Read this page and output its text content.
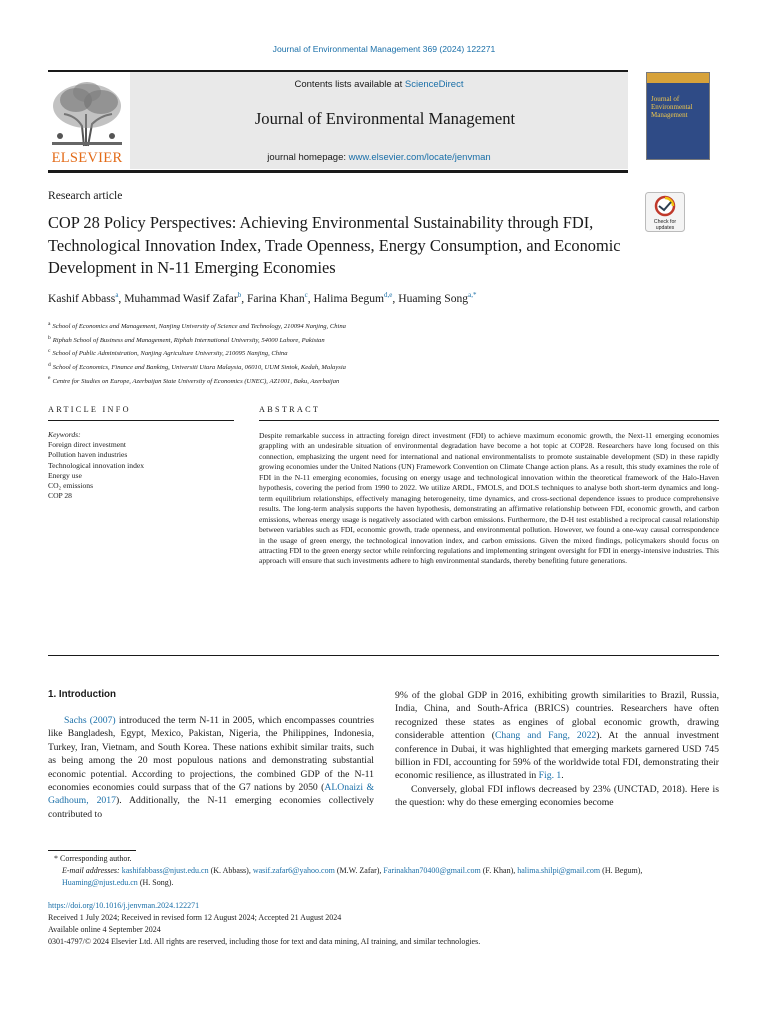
Journal of Environmental Management 369 (2024) 122271
Contents lists available at ScienceDirect
Journal of Environmental Management
journal homepage: www.elsevier.com/locate/jenvman
ELSEVIER
Journal of
Environmental
Management
Research article
COP 28 Policy Perspectives: Achieving Environmental Sustainability through FDI, Technological Innovation Index, Trade Openness, Energy Consumption, and Economic Development in N-11 Emerging Economies
Check for
updates
Kashif Abbass$^a$, Muhammad Wasif Zafar$^b$, Farina Khan$^c$, Halima Begum$^{d,e}$, Huaming Song$^{a,*}$
$^a$ School of Economics and Management, Nanjing University of Science and Technology, 210094 Nanjing, China
$^b$ Riphah School of Business and Management, Riphah International University, 54000 Lahore, Pakistan
$^c$ School of Public Administration, Nanjing Agriculture University, 210095 Nanjing, China
$^d$ School of Economics, Finance and Banking, Universiti Utara Malaysia, 06010, UUM Sintok, Kedah, Malaysia
$^e$ Centre for Studies on Europe, Azerbaijan State University of Economics (UNEC), AZ1001, Baku, Azerbaijan
ARTICLE INFO	ABSTRACT
Keywords:
Foreign direct investment
Pollution haven industries
Technological innovation index
Energy use
CO₂ emissions
COP 28
Despite remarkable success in attracting foreign direct investment (FDI) to achieve maximum economic growth, the Next-11 emerging economies grappling with an undesirable situation of environmental degradation have become a hot topic at COP28. Researchers have long focused on this connection, emphasizing the urgent need for international and national environmentalists to promote sustainable development (SD) in these rapidly growing economies under the United Nations (UN) Framework Convention on Climate Change action plans. As a result, this study examines the role of FDI in the N-11 emerging economies, focusing on energy usage and technological innovation within the theoretical framework of the Halo-Haven hypothesis, covering the period from 1990 to 2022. We utilize ARDL, FMOLS, and DOLS techniques to analyse both short-term dynamics and long-term equilibrium relationships, effectively managing heterogeneity, time dynamics, and cross-sectional dependence issues to produce comprehensive results. The long-term analysis supports the haven hypothesis, demonstrating an affirmative relationship between FDI, economic growth, and carbon emissions, whereas energy usage is negatively associated with carbon emissions. Furthermore, the D-H test established a reciprocal causal relationship between variables such as FDI, economic growth, trade openness, and environmental pollution. However, we found a one-way causal correspondence in the usage of green energy, the technological innovation index, and carbon emissions. Given the mixed findings, policymakers should focus on attracting FDI to the green energy sector while reinforcing regulations and implementing stringent oversight for FDI in energy-intensive industries. This approach will ensure that such investments adhere to high environmental standards, thereby benefiting future generations.
1. Introduction

Sachs (2007) introduced the term N-11 in 2005, which encompasses countries like Bangladesh, Egypt, Mexico, Pakistan, Nigeria, the Philippines, Indonesia, Turkey, Iran, Vietnam, and South Korea. These nations exhibit similar traits, such as being among the 20 most populous nations and demonstrating substantial economic potential. According to projections, the combined GDP of the N-11 economies economies could surpass that of the G7 nations by 2050 (ALOnaizi & Gadhoum, 2017). Additionally, the N-11 emerging economies collectively contributed to

9% of the global GDP in 2016, exhibiting growth similarities to Brazil, Russia, India, China, and South-Africa (BRICS) countries. Researchers have often recognized these states as engines of global economic growth, drawing considerable attention (Chang and Fang, 2022). At the annual investment conference in Dubai, it was highlighted that emerging markets garnered USD 745 billion in FDI, accounting for 59% of the worldwide total FDI, demonstrating their economic resilience, as illustrated in Fig. 1.

Conversely, global FDI inflows decreased by 23% (UNCTAD, 2018). Here is the question: why do these emerging economies become

* Corresponding author.
E-mail addresses: kashifabbass@njust.edu.cn (K. Abbass), wasif.zafar6@yahoo.com (M.W. Zafar), Farinakhan70400@gmail.com (F. Khan), halima.shilpi@gmail.com (H. Begum), Huaming@njust.edu.cn (H. Song).
https://doi.org/10.1016/j.jenvman.2024.122271
Received 1 July 2024; Received in revised form 12 August 2024; Accepted 21 August 2024
Available online 4 September 2024
0301-4797/© 2024 Elsevier Ltd. All rights are reserved, including those for text and data mining, AI training, and similar technologies.
